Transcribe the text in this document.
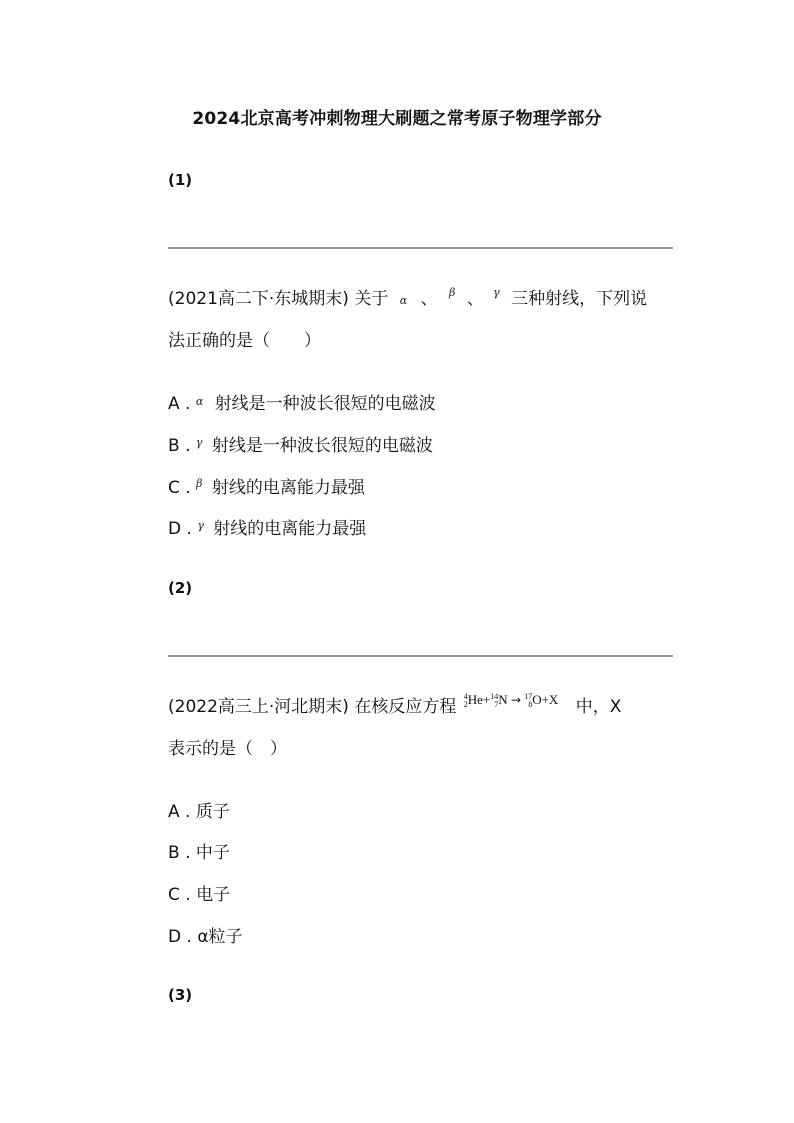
2024北京高考冲刺物理大刷题之常考原子物理学部分
(1)
(2021高二下·东城期末) 关于 α 、 β 、 γ 三种射线，下列说
法正确的是（　　）
A . α 射线是一种波长很短的电磁波
B . γ 射线是一种波长很短的电磁波
C . β 射线的电离能力最强
D . γ 射线的电离能力最强
(2)
(2022高三上·河北期末) 在核反应方程
4
2 He+ 14
7 N → 17
8 O+X 中，X
表示的是（　）
A . 质子
B . 中子
C . 电子
D . α粒子
(3)
